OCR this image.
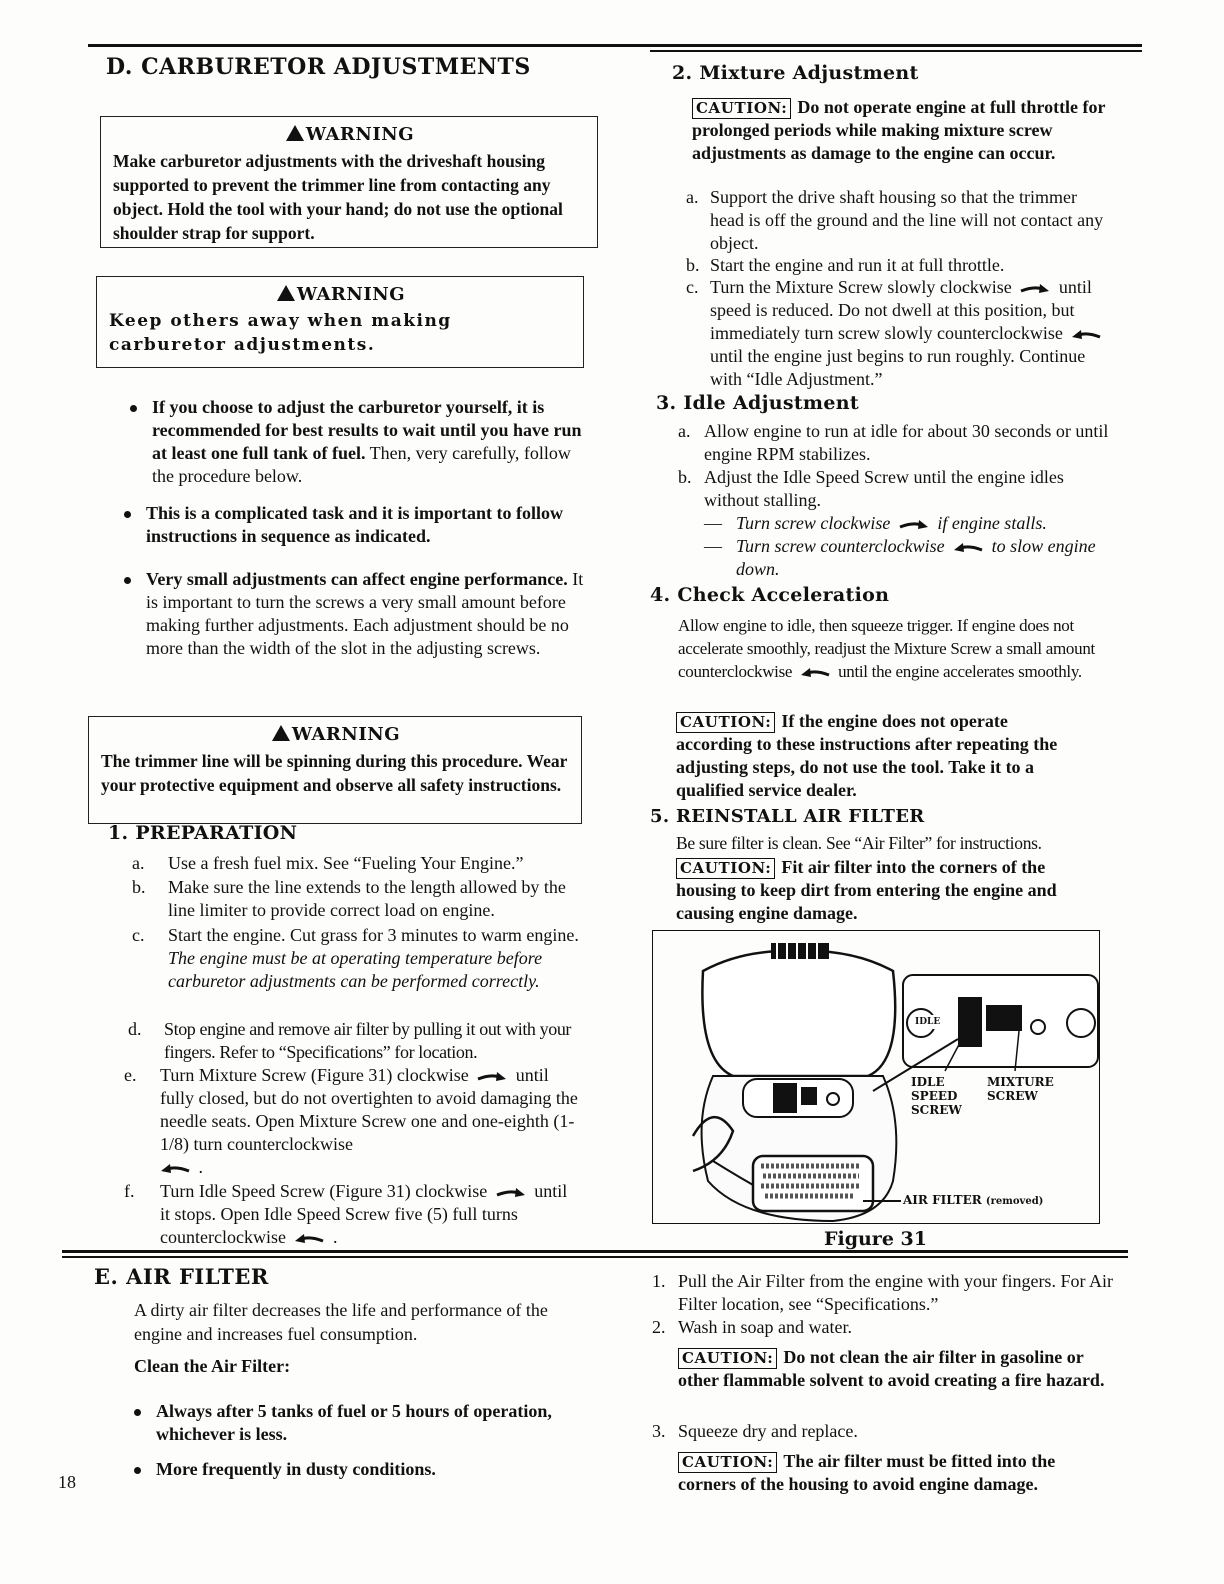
D. CARBURETOR ADJUSTMENTS
WARNING

Make carburetor adjustments with the driveshaft housing supported to prevent the trimmer line from contacting any object. Hold the tool with your hand; do not use the optional shoulder strap for support.

WARNING

Keep others away when making carburetor adjustments.

If you choose to adjust the carburetor yourself, it is recommended for best results to wait until you have run at least one full tank of fuel. Then, very carefully, follow the procedure below.
This is a complicated task and it is important to follow instructions in sequence as indicated.
Very small adjustments can affect engine performance. It is important to turn the screws a very small amount before making further adjustments. Each adjustment should be no more than the width of the slot in the adjusting screws.
WARNING

The trimmer line will be spinning during this procedure. Wear your protective equipment and observe all safety instructions.

1. PREPARATION
a. Use a fresh fuel mix. See “Fueling Your Engine.”
b. Make sure the line extends to the length allowed by the line limiter to provide correct load on engine.
c. Start the engine. Cut grass for 3 minutes to warm engine. The engine must be at operating temperature before carburetor adjustments can be performed correctly.
d. Stop engine and remove air filter by pulling it out with your fingers. Refer to “Specifications” for location.
e. Turn Mixture Screw (Figure 31) clockwise	until fully closed, but do not overtighten to avoid damaging the needle seats. Open Mixture Screw one and one-eighth (1-1/8) turn counterclockwise
.
f. Turn Idle Speed Screw (Figure 31) clockwise	until it stops. Open Idle Speed Screw five (5) full turns counterclockwise  .
2. Mixture Adjustment
CAUTION: Do not operate engine at full throttle for prolonged periods while making mixture screw adjustments as damage to the engine can occur.
a. Support the drive shaft housing so that the trimmer head is off the ground and the line will not contact any object.
b. Start the engine and run it at full throttle.
c. Turn the Mixture Screw slowly clockwise	until speed is reduced. Do not dwell at this position, but immediately turn screw slowly counterclockwise  until the engine just begins to run roughly. Continue with “Idle Adjustment.”
3. Idle Adjustment
a. Allow engine to run at idle for about 30 seconds or until engine RPM stabilizes.
b. Adjust the Idle Speed Screw until the engine idles without stalling.
— Turn screw clockwise	if engine stalls.
— Turn screw counterclockwise	to slow engine down.
4. Check Acceleration
Allow engine to idle, then squeeze trigger. If engine does not accelerate smoothly, readjust the Mixture Screw a small amount counterclockwise	until the engine accelerates smoothly.
CAUTION: If the engine does not operate according to these instructions after repeating the adjusting steps, do not use the tool. Take it to a qualified service dealer.
5. REINSTALL AIR FILTER
Be sure filter is clean. See “Air Filter” for instructions.
CAUTION: Fit air filter into the corners of the housing to keep dirt from entering the engine and causing engine damage.
IDLE
IDLE SPEED SCREW
MIXTURE SCREW
AIR FILTER (removed)
Figure 31
E. AIR FILTER
A dirty air filter decreases the life and performance of the engine and increases fuel consumption.
Clean the Air Filter:
Always after 5 tanks of fuel or 5 hours of operation, whichever is less.
More frequently in dusty conditions.
1. Pull the Air Filter from the engine with your fingers. For Air Filter location, see “Specifications.”
2. Wash in soap and water.
CAUTION: Do not clean the air filter in gasoline or other flammable solvent to avoid creating a fire hazard.
3. Squeeze dry and replace.
CAUTION: The air filter must be fitted into the corners of the housing to avoid engine damage.
18
